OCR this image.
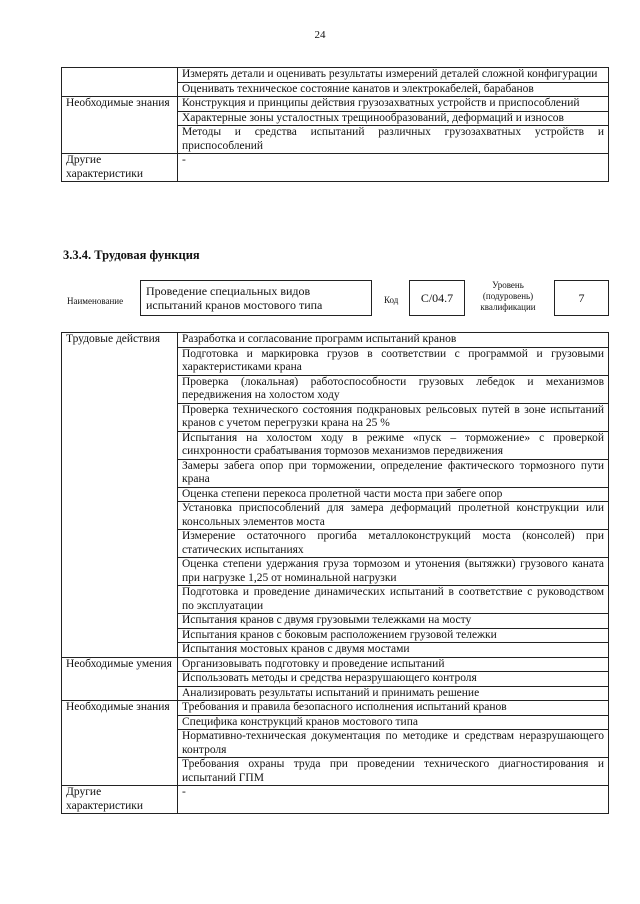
24
	Измерять детали и оценивать результаты измерений деталей сложной конфигурации
	Оценивать техническое состояние канатов и электрокабелей, барабанов
Необходимые знания	Конструкция и принципы действия грузозахватных устройств и приспособлений
	Характерные зоны усталостных трещинообразований, деформаций и износов
	Методы и средства испытаний различных грузозахватных устройств и приспособлений
Другие характеристики	-
3.3.4. Трудовая функция
Наименование
Проведение специальных видов испытаний кранов мостового типа	Код	C/04.7
Уровень (подуровень) квалификации
7
Трудовые действия	Разработка и согласование программ испытаний кранов
	Подготовка и маркировка грузов в соответствии с программой и грузовыми характеристиками крана
	Проверка (локальная) работоспособности грузовых лебедок и механизмов передвижения на холостом ходу
	Проверка технического состояния подкрановых рельсовых путей в зоне испытаний кранов с учетом перегрузки крана на 25 %
	Испытания на холостом ходу в режиме «пуск – торможение» с проверкой синхронности срабатывания тормозов механизмов передвижения
	Замеры забега опор при торможении, определение фактического тормозного пути крана
	Оценка степени перекоса пролетной части моста при забеге опор
	Установка приспособлений для замера деформаций пролетной конструкции или консольных элементов моста
	Измерение остаточного прогиба металлоконструкций моста (консолей) при статических испытаниях
	Оценка степени удержания груза тормозом и утонения (вытяжки) грузового каната при нагрузке 1,25 от номинальной нагрузки
	Подготовка и проведение динамических испытаний в соответствие с руководством по эксплуатации
	Испытания кранов с двумя грузовыми тележками на мосту
	Испытания кранов с боковым расположением грузовой тележки
	Испытания мостовых кранов с двумя мостами
Необходимые умения	Организовывать подготовку и проведение испытаний
	Использовать методы и средства неразрушающего контроля
	Анализировать результаты испытаний и принимать решение
Необходимые знания	Требования и правила безопасного исполнения испытаний кранов
	Специфика конструкций кранов мостового типа
	Нормативно-техническая документация по методике и средствам неразрушающего контроля
	Требования охраны труда при проведении технического диагностирования и испытаний ГПМ
Другие характеристики	-
